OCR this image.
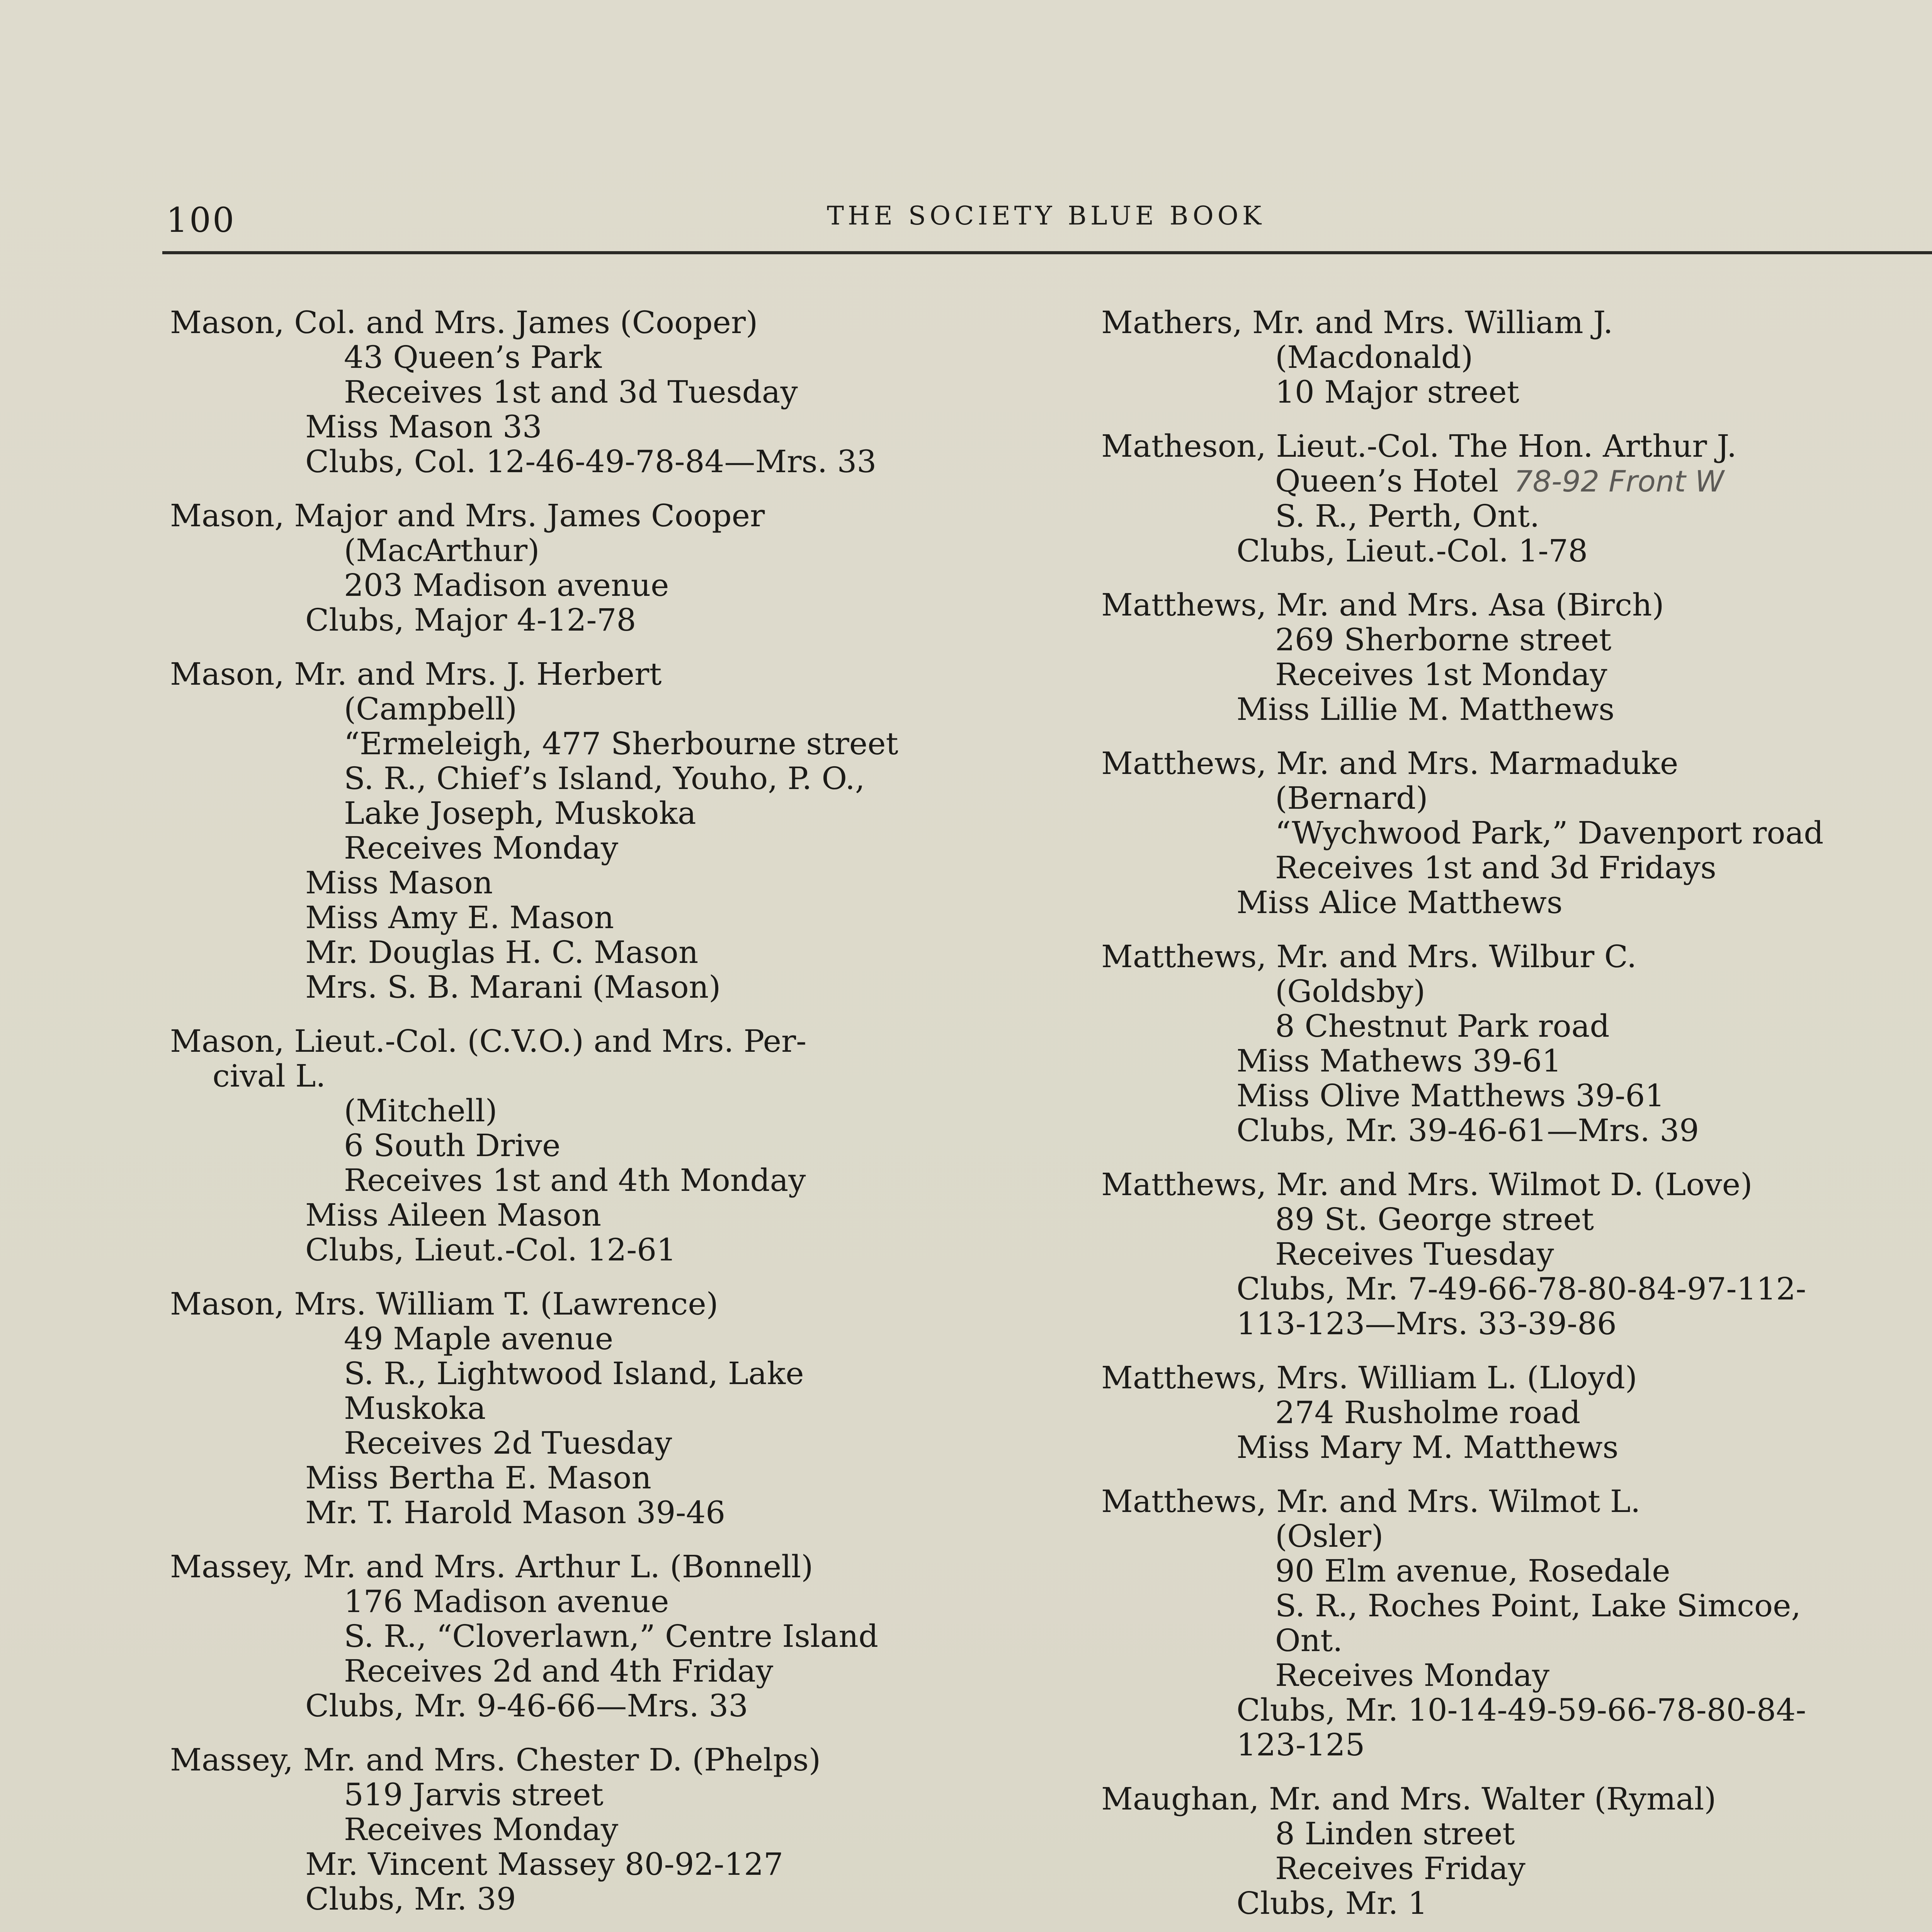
100	THE SOCIETY BLUE BOOK
Mason, Col. and Mrs. James (Cooper)
43 Queen’s Park
Receives 1st and 3d Tuesday
Miss Mason 33
Clubs, Col. 12-46-49-78-84—Mrs. 33
Mason, Major and Mrs. James Cooper
(MacArthur)
203 Madison avenue
Clubs, Major 4-12-78
Mason, Mr. and Mrs. J. Herbert
(Campbell)
“Ermeleigh, 477 Sherbourne street
S. R., Chief’s Island, Youho, P. O.,
Lake Joseph, Muskoka
Receives Monday
Miss Mason
Miss Amy E. Mason
Mr. Douglas H. C. Mason
Mrs. S. B. Marani (Mason)
Mason, Lieut.-Col. (C.V.O.) and Mrs. Per-
cival L.
(Mitchell)
6 South Drive
Receives 1st and 4th Monday
Miss Aileen Mason
Clubs, Lieut.-Col. 12-61
Mason, Mrs. William T. (Lawrence)
49 Maple avenue
S. R., Lightwood Island, Lake
Muskoka
Receives 2d Tuesday
Miss Bertha E. Mason
Mr. T. Harold Mason 39-46
Massey, Mr. and Mrs. Arthur L. (Bonnell)
176 Madison avenue
S. R., “Cloverlawn,” Centre Island
Receives 2d and 4th Friday
Clubs, Mr. 9-46-66—Mrs. 33
Massey, Mr. and Mrs. Chester D. (Phelps)
519 Jarvis street
Receives Monday
Mr. Vincent Massey 80-92-127
Clubs, Mr. 39
Mathers, Mr. and Mrs. William J.
(Macdonald)
10 Major street
Matheson, Lieut.-Col. The Hon. Arthur J.
Queen’s Hotel 78-92 Front W
S. R., Perth, Ont.
Clubs, Lieut.-Col. 1-78
Matthews, Mr. and Mrs. Asa (Birch)
269 Sherborne street
Receives 1st Monday
Miss Lillie M. Matthews
Matthews, Mr. and Mrs. Marmaduke
(Bernard)
“Wychwood Park,” Davenport road
Receives 1st and 3d Fridays
Miss Alice Matthews
Matthews, Mr. and Mrs. Wilbur C.
(Goldsby)
8 Chestnut Park road
Miss Mathews 39-61
Miss Olive Matthews 39-61
Clubs, Mr. 39-46-61—Mrs. 39
Matthews, Mr. and Mrs. Wilmot D. (Love)
89 St. George street
Receives Tuesday
Clubs, Mr. 7-49-66-78-80-84-97-112-
113-123—Mrs. 33-39-86
Matthews, Mrs. William L. (Lloyd)
274 Rusholme road
Miss Mary M. Matthews
Matthews, Mr. and Mrs. Wilmot L.
(Osler)
90 Elm avenue, Rosedale
S. R., Roches Point, Lake Simcoe,
Ont.
Receives Monday
Clubs, Mr. 10-14-49-59-66-78-80-84-
123-125
Maughan, Mr. and Mrs. Walter (Rymal)
8 Linden street
Receives Friday
Clubs, Mr. 1
